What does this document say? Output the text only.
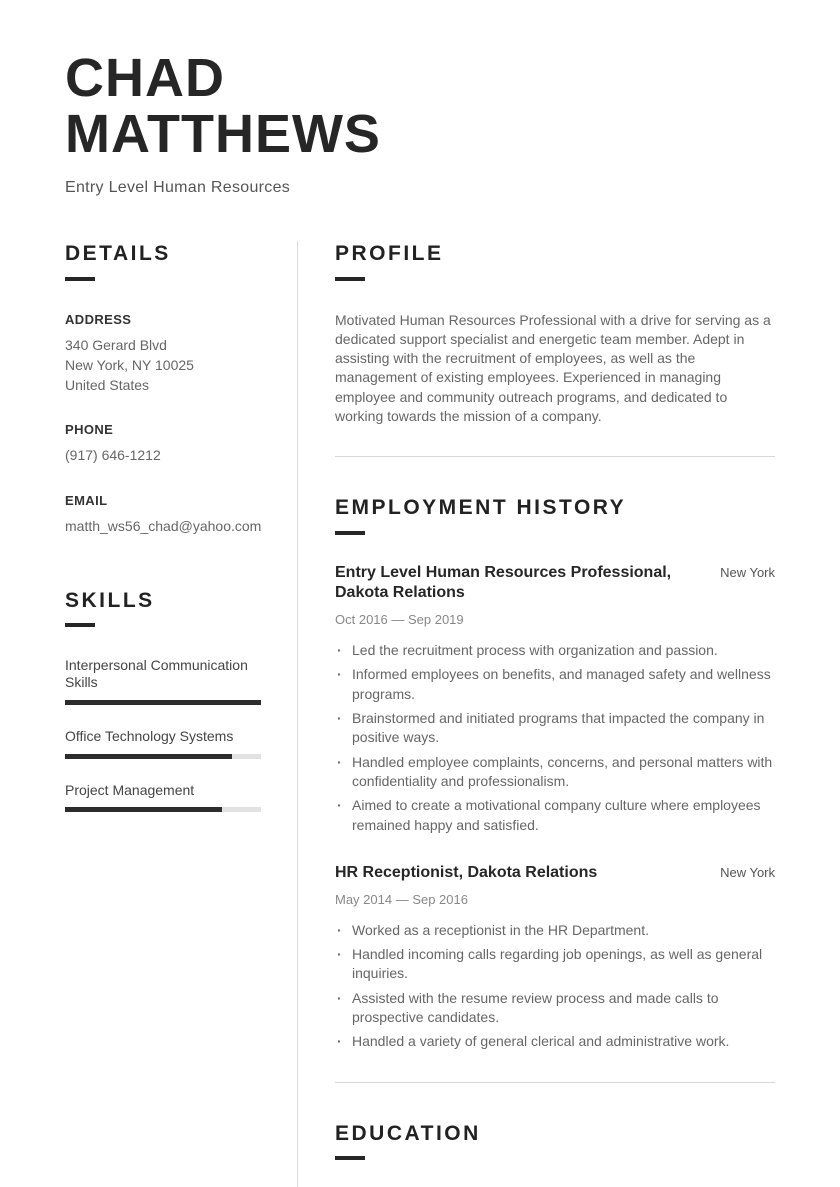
CHAD
MATTHEWS
Entry Level Human Resources
DETAILS
ADDRESS
340 Gerard Blvd
New York, NY 10025
United States
PHONE
(917) 646-1212
EMAIL
matth_ws56_chad@yahoo.com
SKILLS
Interpersonal Communication Skills
Office Technology Systems
Project Management
PROFILE

Motivated Human Resources Professional with a drive for serving as a dedicated support specialist and energetic team member. Adept in assisting with the recruitment of employees, as well as the management of existing employees. Experienced in managing employee and community outreach programs, and dedicated to working towards the mission of a company.

EMPLOYMENT HISTORY
Entry Level Human Resources Professional, Dakota Relations
New York
Oct 2016 — Sep 2019
· Led the recruitment process with organization and passion.
· Informed employees on benefits, and managed safety and wellness programs.
· Brainstormed and initiated programs that impacted the company in positive ways.
· Handled employee complaints, concerns, and personal matters with confidentiality and professionalism.
· Aimed to create a motivational company culture where employees remained happy and satisfied.
HR Receptionist, Dakota Relations	New York
May 2014 — Sep 2016
· Worked as a receptionist in the HR Department.
· Handled incoming calls regarding job openings, as well as general inquiries.
· Assisted with the resume review process and made calls to prospective candidates.
· Handled a variety of general clerical and administrative work.
EDUCATION
